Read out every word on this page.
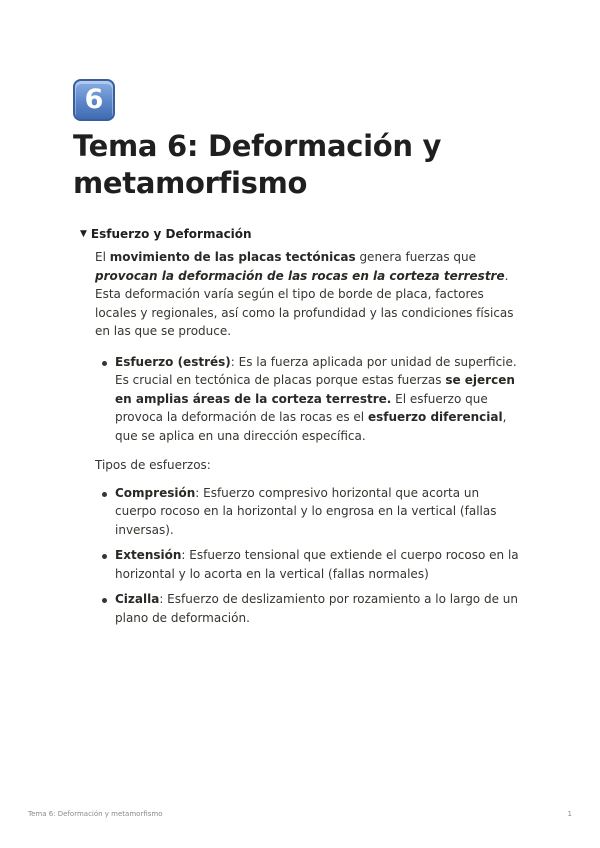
6
Tema 6: Deformación y metamorfismo
▼ Esfuerzo y Deformación

El movimiento de las placas tectónicas genera fuerzas que provocan la deformación de las rocas en la corteza terrestre. Esta deformación varía según el tipo de borde de placa, factores locales y regionales, así como la profundidad y las condiciones físicas en las que se produce.

Esfuerzo (estrés): Es la fuerza aplicada por unidad de superficie. Es crucial en tectónica de placas porque estas fuerzas se ejercen en amplias áreas de la corteza terrestre. El esfuerzo que provoca la deformación de las rocas es el esfuerzo diferencial, que se aplica en una dirección específica.

Tipos de esfuerzos:

Compresión: Esfuerzo compresivo horizontal que acorta un cuerpo rocoso en la horizontal y lo engrosa en la vertical (fallas inversas).
Extensión: Esfuerzo tensional que extiende el cuerpo rocoso en la horizontal y lo acorta en la vertical (fallas normales)
Cizalla: Esfuerzo de deslizamiento por rozamiento a lo largo de un plano de deformación.
Tema 6: Deformación y metamorfismo	1
